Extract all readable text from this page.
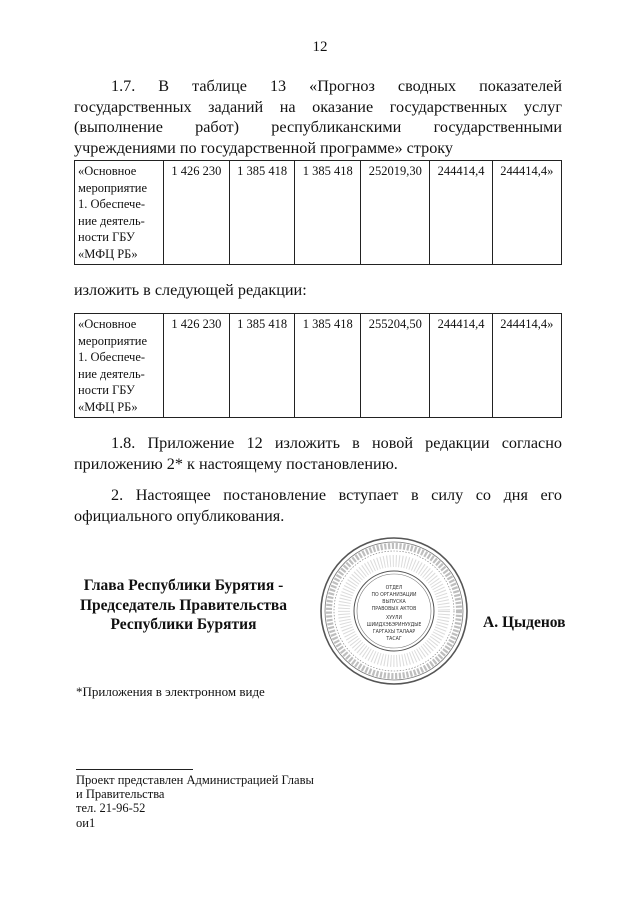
12
1.7. В таблице 13 «Прогноз сводных показателей государственных заданий на оказание государственных услуг (выполнение работ) республиканскими государственными учреждениями по государственной программе» строку
«Основное
мероприятие
1. Обеспече-
ние деятель-
ности ГБУ
«МФЦ РБ»
	1 426 230	1 385 418	1 385 418	252019,30	244414,4	244414,4»
изложить в следующей редакции:
«Основное
мероприятие
1. Обеспече-
ние деятель-
ности ГБУ
«МФЦ РБ»
	1 426 230	1 385 418	1 385 418	255204,50	244414,4	244414,4»
1.8. Приложение 12 изложить в новой редакции согласно приложению 2* к настоящему постановлению.
2. Настоящее постановление вступает в силу со дня его официального опубликования.
Глава Республики Бурятия -
Председатель Правительства
Республики Бурятия
ОТДЕЛ
ПО ОРГАНИЗАЦИИ
ВЫПУСКА
ПРАВОВЫХ АКТОВ
ХУУЛИ
ШИИДХЭБЭРИНУУДЫЕ
ГАРГАХЫ ТАЛААР
ТАСАГ
А. Цыденов
*Приложения в электронном виде
Проект представлен Администрацией Главы
и Правительства
тел. 21-96-52
ои1
